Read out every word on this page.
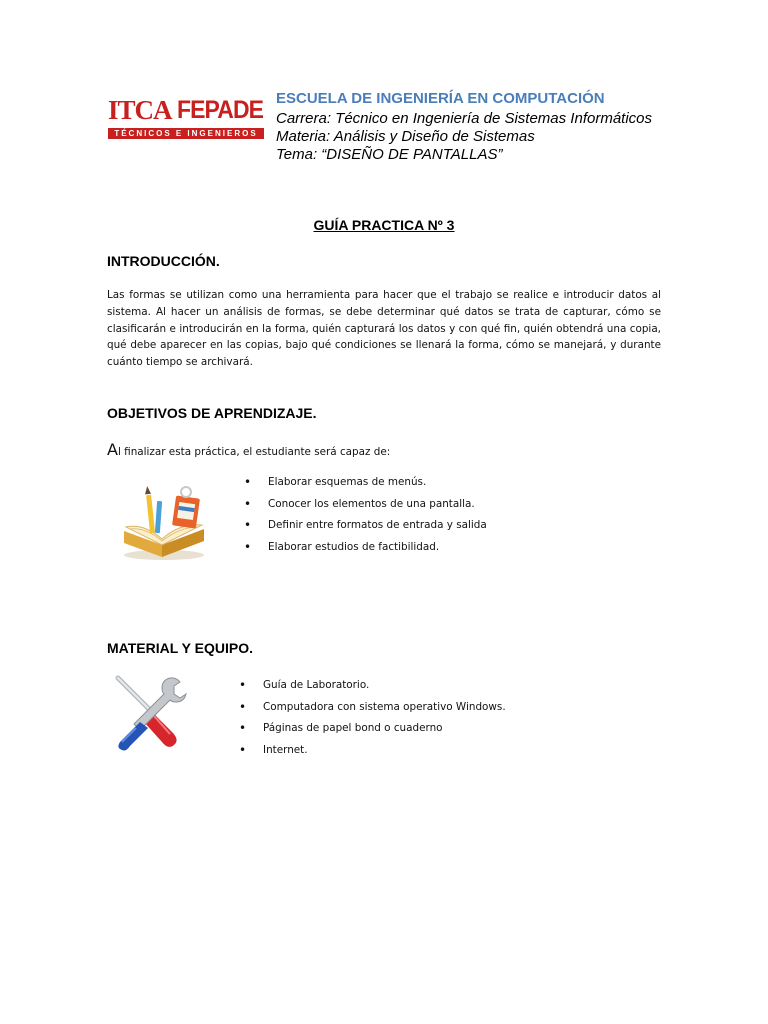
ITCA FEPADE
TÉCNICOS E INGENIEROS
ESCUELA DE INGENIERÍA EN COMPUTACIÓN
Carrera: Técnico en Ingeniería de Sistemas Informáticos
Materia: Análisis y Diseño de Sistemas
Tema: “DISEÑO DE PANTALLAS”
GUÍA PRACTICA Nº 3
INTRODUCCIÓN.
Las formas se utilizan como una herramienta para hacer que el trabajo se realice e introducir datos al sistema. Al hacer un análisis de formas, se debe determinar qué datos se trata de capturar, cómo se clasificarán e introducirán en la forma, quién capturará los datos y con qué fin, quién obtendrá una copia, qué debe aparecer en las copias, bajo qué condiciones se llenará la forma, cómo se manejará, y durante cuánto tiempo se archivará.
OBJETIVOS DE APRENDIZAJE.
Al finalizar esta práctica, el estudiante será capaz de:
• Elaborar esquemas de menús.
• Conocer los elementos de una pantalla.
• Definir entre formatos de entrada y salida
• Elaborar estudios de factibilidad.
MATERIAL Y EQUIPO.
• Guía de Laboratorio.
• Computadora con sistema operativo Windows.
• Páginas de papel bond o cuaderno
• Internet.
